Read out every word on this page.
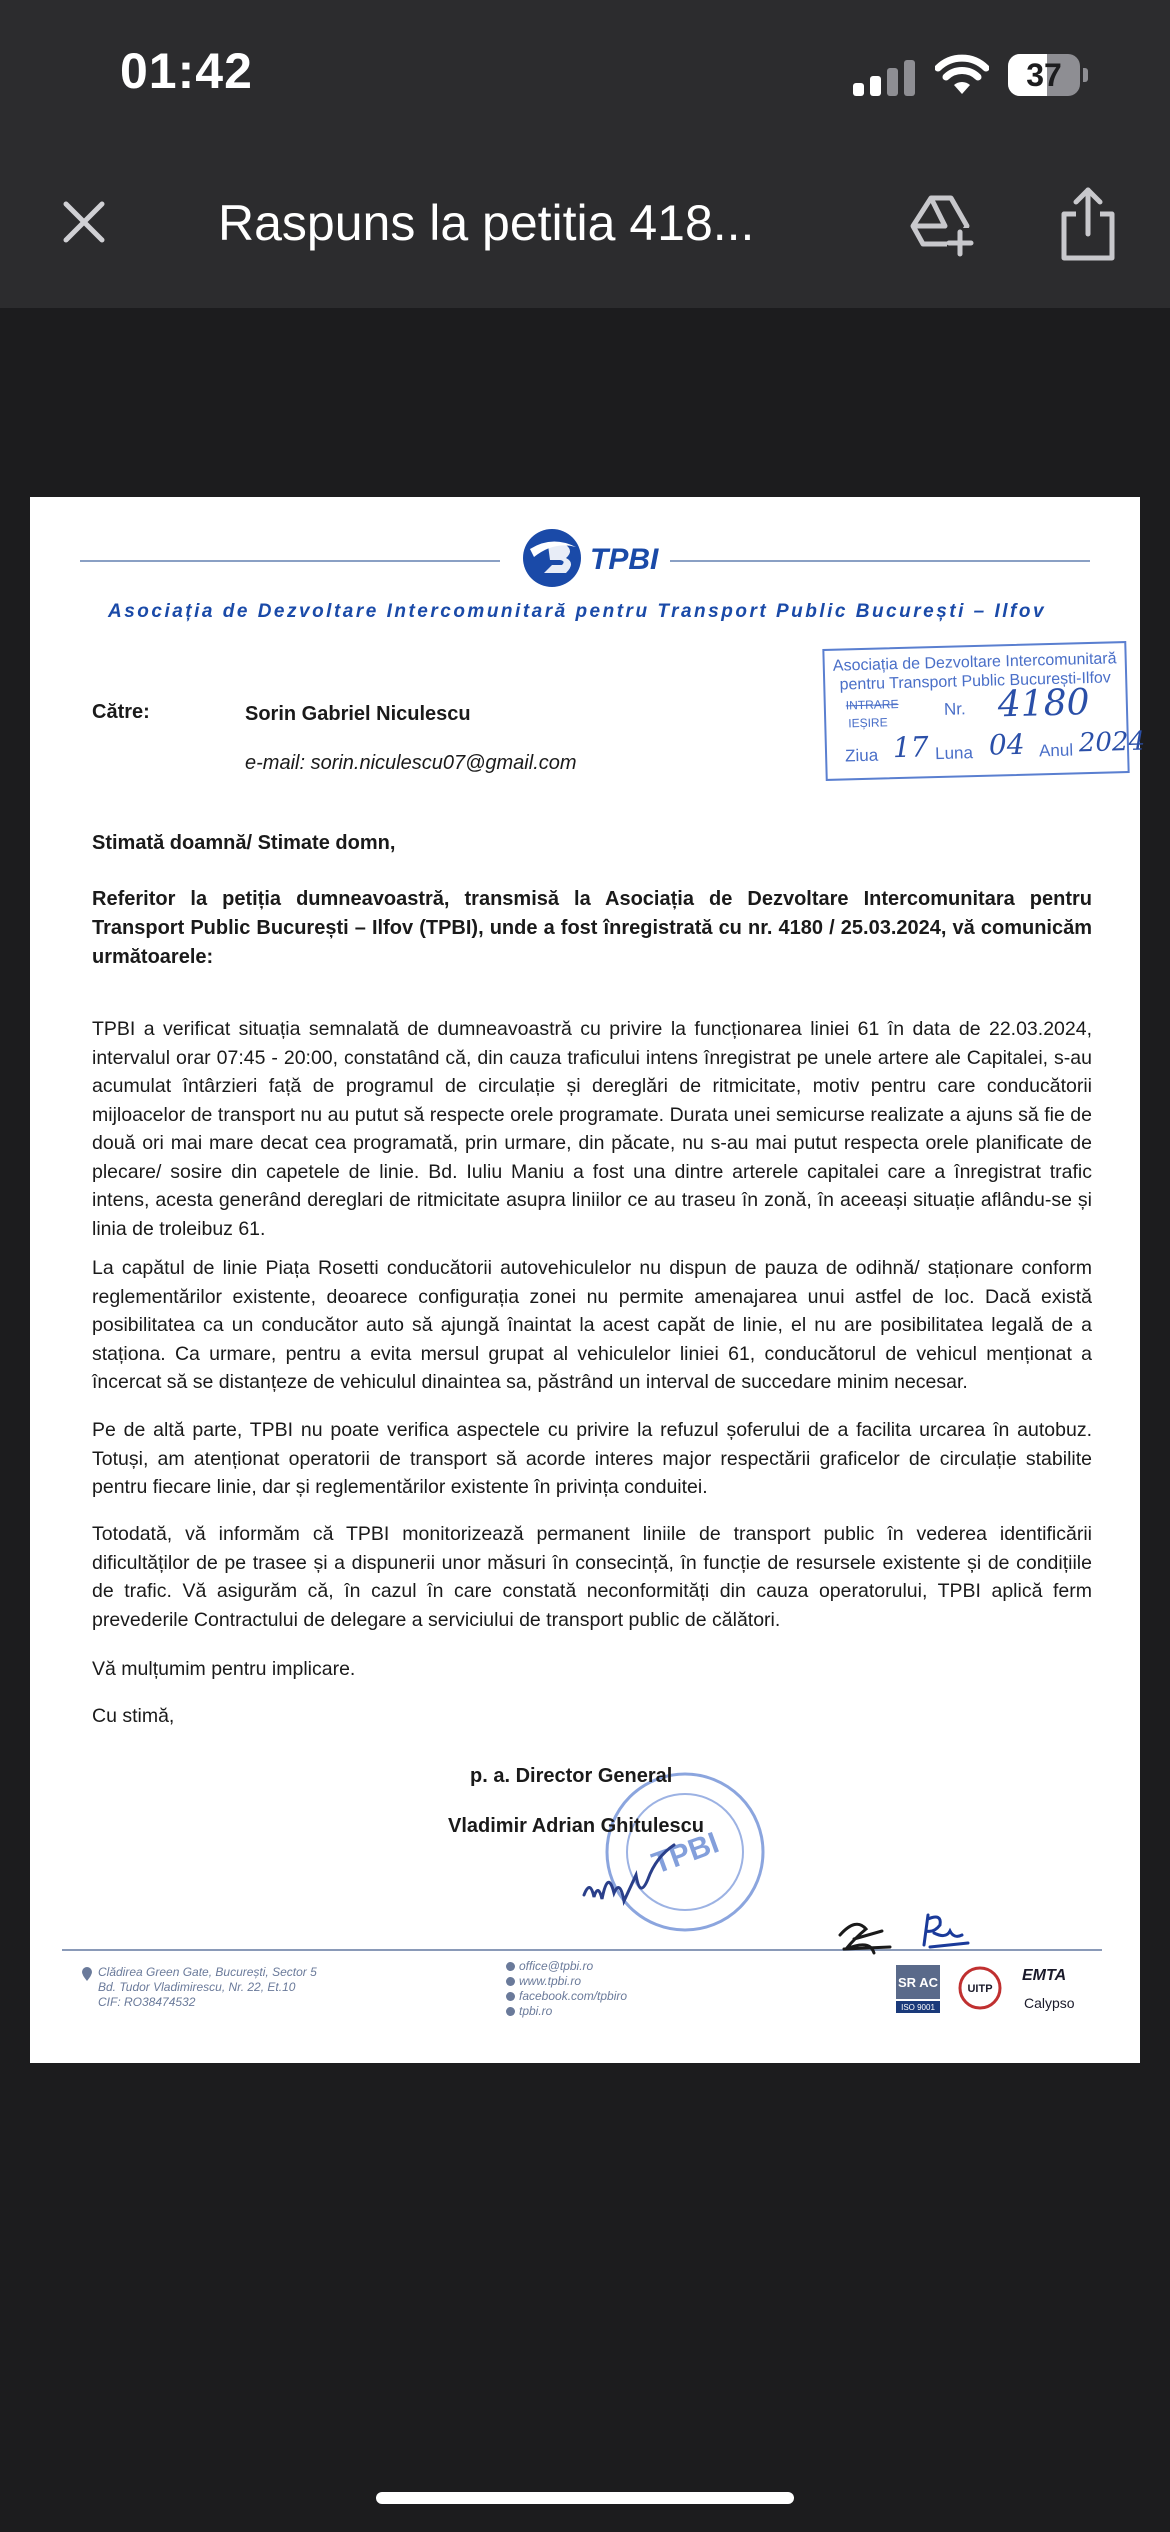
01:42	37
Raspuns la petitia 418...
TPBI
Asociația de Dezvoltare Intercomunitară pentru Transport Public București – Ilfov
Asociația de Dezvoltare Intercomunitară
pentru Transport Public București-Ilfov
INTRARE
IEȘIRE
Nr. 4180
Ziua 17 Luna 04 Anul 2024
Către:	Sorin Gabriel Niculescu
e-mail: sorin.niculescu07@gmail.com
Stimată doamnă/ Stimate domn,
Referitor la petiția dumneavoastră, transmisă la Asociația de Dezvoltare Intercomunitara pentru Transport Public București – Ilfov (TPBI), unde a fost înregistrată cu nr. 4180 / 25.03.2024, vă comunicăm următoarele:
TPBI a verificat situația semnalată de dumneavoastră cu privire la funcționarea liniei 61 în data de 22.03.2024, intervalul orar 07:45 - 20:00, constatând că, din cauza traficului intens înregistrat pe unele artere ale Capitalei, s-au acumulat întârzieri față de programul de circulație și dereglări de ritmicitate, motiv pentru care conducătorii mijloacelor de transport nu au putut să respecte orele programate. Durata unei semicurse realizate a ajuns să fie de două ori mai mare decat cea programată, prin urmare, din păcate, nu s-au mai putut respecta orele planificate de plecare/ sosire din capetele de linie. Bd. Iuliu Maniu a fost una dintre arterele capitalei care a înregistrat trafic intens, acesta generând dereglari de ritmicitate asupra liniilor ce au traseu în zonă, în aceeași situație aflându-se și linia de troleibuz 61.
La capătul de linie Piața Rosetti conducătorii autovehiculelor nu dispun de pauza de odihnă/ staționare conform reglementărilor existente, deoarece configurația zonei nu permite amenajarea unui astfel de loc. Dacă există posibilitatea ca un conducător auto să ajungă înaintat la acest capăt de linie, el nu are posibilitatea legală de a staționa. Ca urmare, pentru a evita mersul grupat al vehiculelor liniei 61, conducătorul de vehicul menționat a încercat să se distanțeze de vehiculul dinaintea sa, păstrând un interval de succedare minim necesar.
Pe de altă parte, TPBI nu poate verifica aspectele cu privire la refuzul șoferului de a facilita urcarea în autobuz. Totuși, am atenționat operatorii de transport să acorde interes major respectării graficelor de circulație stabilite pentru fiecare linie, dar și reglementărilor existente în privința conduitei.
Totodată, vă informăm că TPBI monitorizează permanent liniile de transport public în vederea identificării dificultăților de pe trasee și a dispunerii unor măsuri în consecință, în funcție de resursele existente și de condițiile de trafic. Vă asigurăm că, în cazul în care constată neconformități din cauza operatorului, TPBI aplică ferm prevederile Contractului de delegare a serviciului de transport public de călători.
Vă mulțumim pentru implicare.
Cu stimă,
TPBI
p. a. Director General
Vladimir Adrian Ghitulescu
Clădirea Green Gate, București, Sector 5
Bd. Tudor Vladimirescu, Nr. 22, Et.10
CIF: RO38474532
office@tpbi.ro
www.tpbi.ro
facebook.com/tpbiro
tpbi.ro
SR AC
ISO 9001
UITP
EMTA
Calypso
